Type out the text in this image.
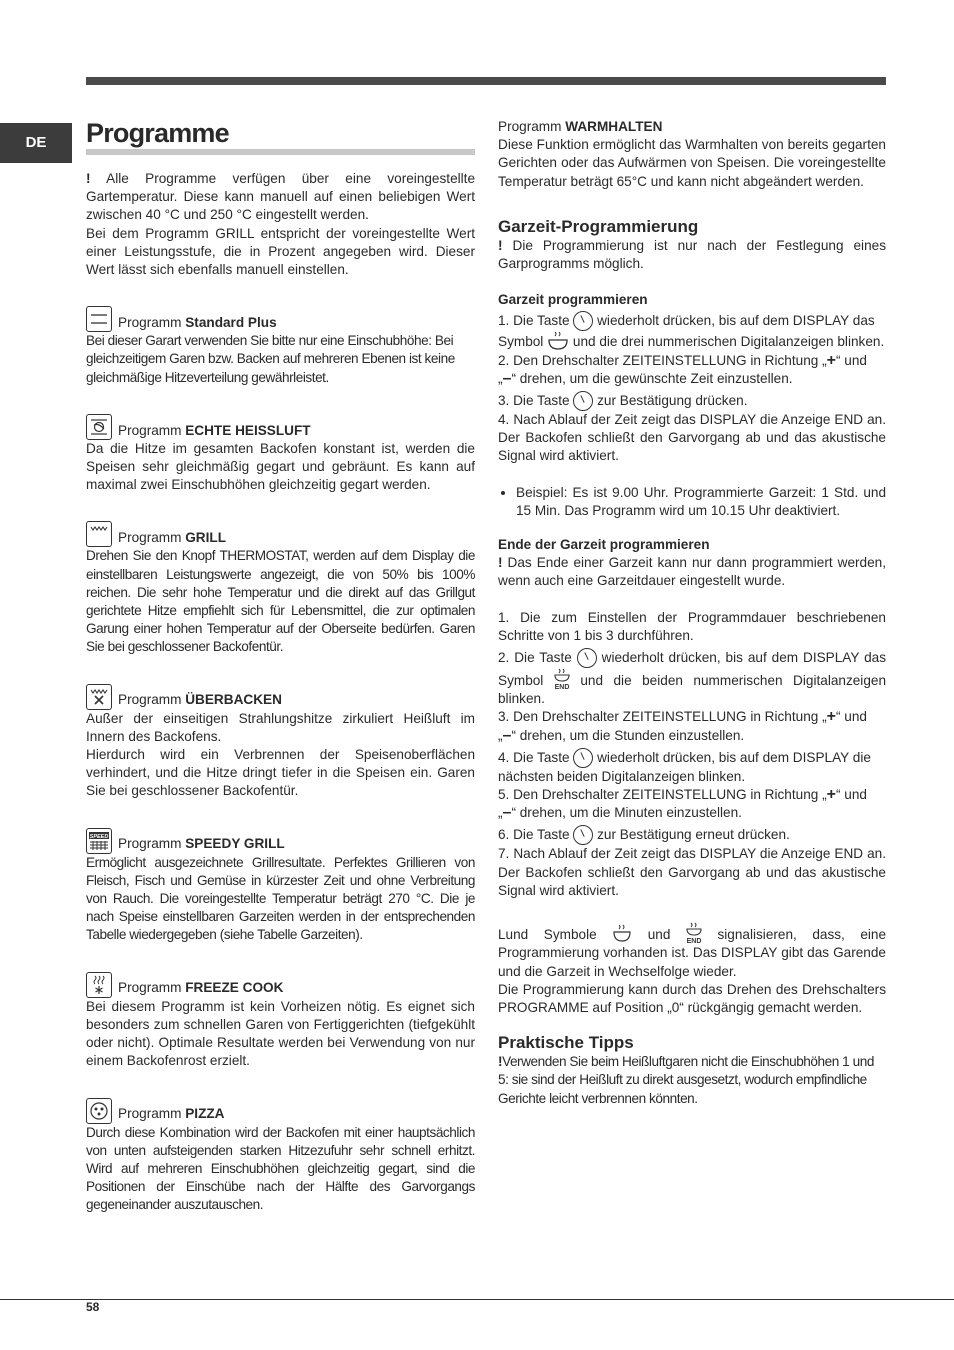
DE	Programme

! Alle Programme verfügen über eine voreingestellte Gartemperatur. Diese kann manuell auf einen beliebigen Wert zwischen 40 °C und 250 °C eingestellt werden.

Bei dem Programm GRILL entspricht der voreingestellte Wert einer Leistungsstufe, die in Prozent angegeben wird. Dieser Wert lässt sich ebenfalls manuell einstellen.

Programm Standard Plus

Bei dieser Garart verwenden Sie bitte nur eine Einschubhöhe: Bei gleichzeitigem Garen bzw. Backen auf mehreren Ebenen ist keine gleichmäßige Hitzeverteilung gewährleistet.

Programm ECHTE HEISSLUFT

Da die Hitze im gesamten Backofen konstant ist, werden die Speisen sehr gleichmäßig gegart und gebräunt. Es kann auf maximal zwei Einschubhöhen gleichzeitig gegart werden.

Programm GRILL

Drehen Sie den Knopf THERMOSTAT, werden auf dem Display die einstellbaren Leistungswerte angezeigt, die von 50% bis 100% reichen. Die sehr hohe Temperatur und die direkt auf das Grillgut gerichtete Hitze empfiehlt sich für Lebensmittel, die zur optimalen Garung einer hohen Temperatur auf der Oberseite bedürfen. Garen Sie bei geschlossener Backofentür.

Programm ÜBERBACKEN

Außer der einseitigen Strahlungshitze zirkuliert Heißluft im Innern des Backofens.
Hierdurch wird ein Verbrennen der Speisenoberflächen verhindert, und die Hitze dringt tiefer in die Speisen ein. Garen Sie bei geschlossener Backofentür.

SPEED Programm SPEEDY GRILL

Ermöglicht ausgezeichnete Grillresultate. Perfektes Grillieren von Fleisch, Fisch und Gemüse in kürzester Zeit und ohne Verbreitung von Rauch. Die voreingestellte Temperatur beträgt 270 °C. Die je nach Speise einstellbaren Garzeiten werden in der entsprechenden Tabelle wiedergegeben (siehe Tabelle Garzeiten).

Programm FREEZE COOK

Bei diesem Programm ist kein Vorheizen nötig. Es eignet sich besonders zum schnellen Garen von Fertiggerichten (tiefgekühlt oder nicht). Optimale Resultate werden bei Verwendung von nur einem Backofenrost erzielt.

Programm PIZZA

Durch diese Kombination wird der Backofen mit einer hauptsächlich von unten aufsteigenden starken Hitzezufuhr sehr schnell erhitzt. Wird auf mehreren Einschubhöhen gleichzeitig gegart, sind die Positionen der Einschübe nach der Hälfte des Garvorgangs gegeneinander auszutauschen.

Programm WARMHALTEN

Diese Funktion ermöglicht das Warmhalten von bereits gegarten Gerichten oder das Aufwärmen von Speisen. Die voreingestellte Temperatur beträgt 65°C und kann nicht abgeändert werden.

Garzeit-Programmierung

! Die Programmierung ist nur nach der Festlegung eines Garprogramms möglich.

Garzeit programmieren

1. Die Taste wiederholt drücken, bis auf dem DISPLAY das Symbol und die drei nummerischen Digitalanzeigen blinken.

2. Den Drehschalter ZEITEINSTELLUNG in Richtung „+“ und „–“ drehen, um die gewünschte Zeit einzustellen.

3. Die Taste zur Bestätigung drücken.

4. Nach Ablauf der Zeit zeigt das DISPLAY die Anzeige END an. Der Backofen schließt den Garvorgang ab und das akustische Signal wird aktiviert.

• Beispiel: Es ist 9.00 Uhr. Programmierte Garzeit: 1 Std. und 15 Min. Das Programm wird um 10.15 Uhr deaktiviert.
Ende der Garzeit programmieren

! Das Ende einer Garzeit kann nur dann programmiert werden, wenn auch eine Garzeitdauer eingestellt wurde.

1. Die zum Einstellen der Programmdauer beschriebenen Schritte von 1 bis 3 durchführen.

2. Die Taste wiederholt drücken, bis auf dem DISPLAY das Symbol END und die beiden nummerischen Digitalanzeigen blinken.

3. Den Drehschalter ZEITEINSTELLUNG in Richtung „+“ und „–“ drehen, um die Stunden einzustellen.

4. Die Taste wiederholt drücken, bis auf dem DISPLAY die nächsten beiden Digitalanzeigen blinken.

5. Den Drehschalter ZEITEINSTELLUNG in Richtung „+“ und „–“ drehen, um die Minuten einzustellen.

6. Die Taste zur Bestätigung erneut drücken.

7. Nach Ablauf der Zeit zeigt das DISPLAY die Anzeige END an. Der Backofen schließt den Garvorgang ab und das akustische Signal wird aktiviert.

Lund Symbole	und END signalisieren, dass, eine Programmierung vorhanden ist. Das DISPLAY gibt das Garende und die Garzeit in Wechselfolge wieder.

Die Programmierung kann durch das Drehen des Drehschalters PROGRAMME auf Position „0“ rückgängig gemacht werden.

Praktische Tipps

!Verwenden Sie beim Heißluftgaren nicht die Einschubhöhen 1 und 5: sie sind der Heißluft zu direkt ausgesetzt, wodurch empfindliche Gerichte leicht verbrennen könnten.

58
